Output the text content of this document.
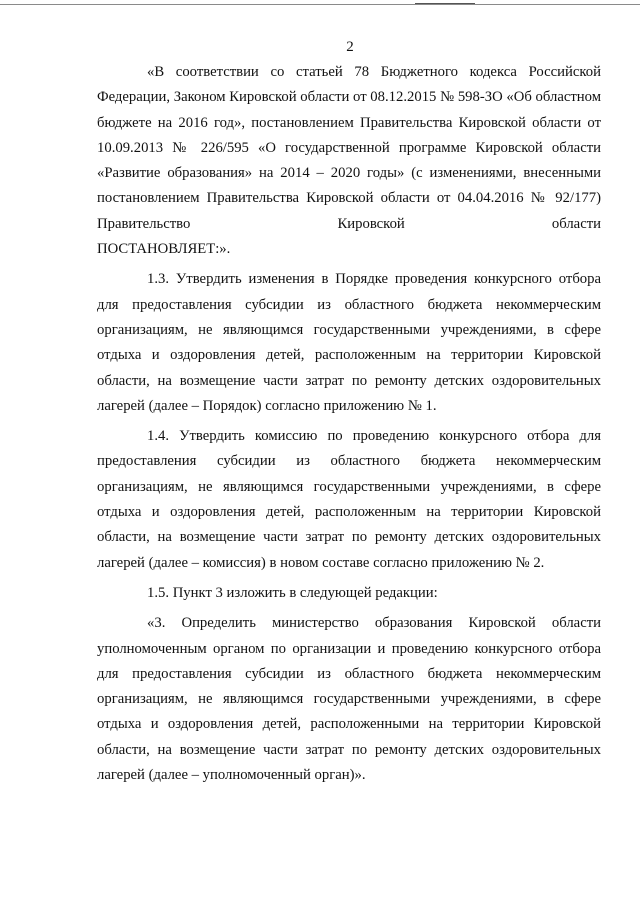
2

«В соответствии со статьей 78 Бюджетного кодекса Российской Федерации, Законом Кировской области от 08.12.2015 № 598-ЗО «Об областном бюджете на 2016 год», постановлением Правительства Кировской области от 10.09.2013 № 226/595 «О государственной программе Кировской области «Развитие образования» на 2014 – 2020 годы» (с изменениями, внесенными постановлением Правительства Кировской области от 04.04.2016 № 92/177) Правительство Кировской области

ПОСТАНОВЛЯЕТ:».

1.3. Утвердить изменения в Порядке проведения конкурсного отбора для предоставления субсидии из областного бюджета некоммерческим организациям, не являющимся государственными учреждениями, в сфере отдыха и оздоровления детей, расположенным на территории Кировской области, на возмещение части затрат по ремонту детских оздоровительных лагерей (далее – Порядок) согласно приложению № 1.

1.4. Утвердить комиссию по проведению конкурсного отбора для предоставления субсидии из областного бюджета некоммерческим организациям, не являющимся государственными учреждениями, в сфере отдыха и оздоровления детей, расположенным на территории Кировской области, на возмещение части затрат по ремонту детских оздоровительных лагерей (далее – комиссия) в новом составе согласно приложению № 2.

1.5. Пункт 3 изложить в следующей редакции:

«3. Определить министерство образования Кировской области уполномоченным органом по организации и проведению конкурсного отбора для предоставления субсидии из областного бюджета некоммерческим организациям, не являющимся государственными учреждениями, в сфере отдыха и оздоровления детей, расположенными на территории Кировской области, на возмещение части затрат по ремонту детских оздоровительных лагерей (далее – уполномоченный орган)».
